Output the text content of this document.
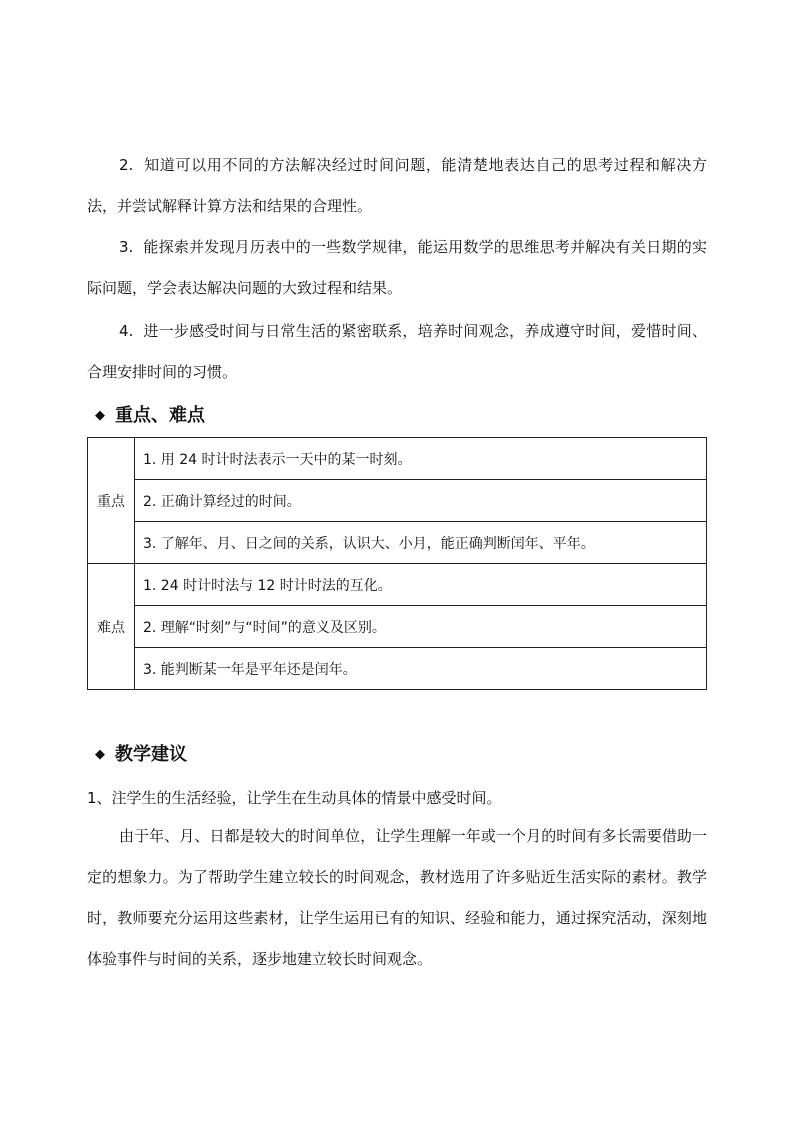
2. 知道可以用不同的方法解决经过时间问题，能清楚地表达自己的思考过程和解决方法，并尝试解释计算方法和结果的合理性。

3. 能探索并发现月历表中的一些数学规律，能运用数学的思维思考并解决有关日期的实际问题，学会表达解决问题的大致过程和结果。

4. 进一步感受时间与日常生活的紧密联系，培养时间观念，养成遵守时间，爱惜时间、合理安排时间的习惯。

◆ 重点、难点
重点	1. 用 24 时计时法表示一天中的某一时刻。
	2. 正确计算经过的时间。
	3. 了解年、月、日之间的关系，认识大、小月，能正确判断闰年、平年。
难点	1. 24 时计时法与 12 时计时法的互化。
	2. 理解“时刻”与“时间”的意义及区别。
	3. 能判断某一年是平年还是闰年。
◆ 教学建议

1、注学生的生活经验，让学生在生动具体的情景中感受时间。

由于年、月、日都是较大的时间单位，让学生理解一年或一个月的时间有多长需要借助一定的想象力。为了帮助学生建立较长的时间观念，教材选用了许多贴近生活实际的素材。教学时，教师要充分运用这些素材，让学生运用已有的知识、经验和能力，通过探究活动，深刻地体验事件与时间的关系，逐步地建立较长时间观念。
